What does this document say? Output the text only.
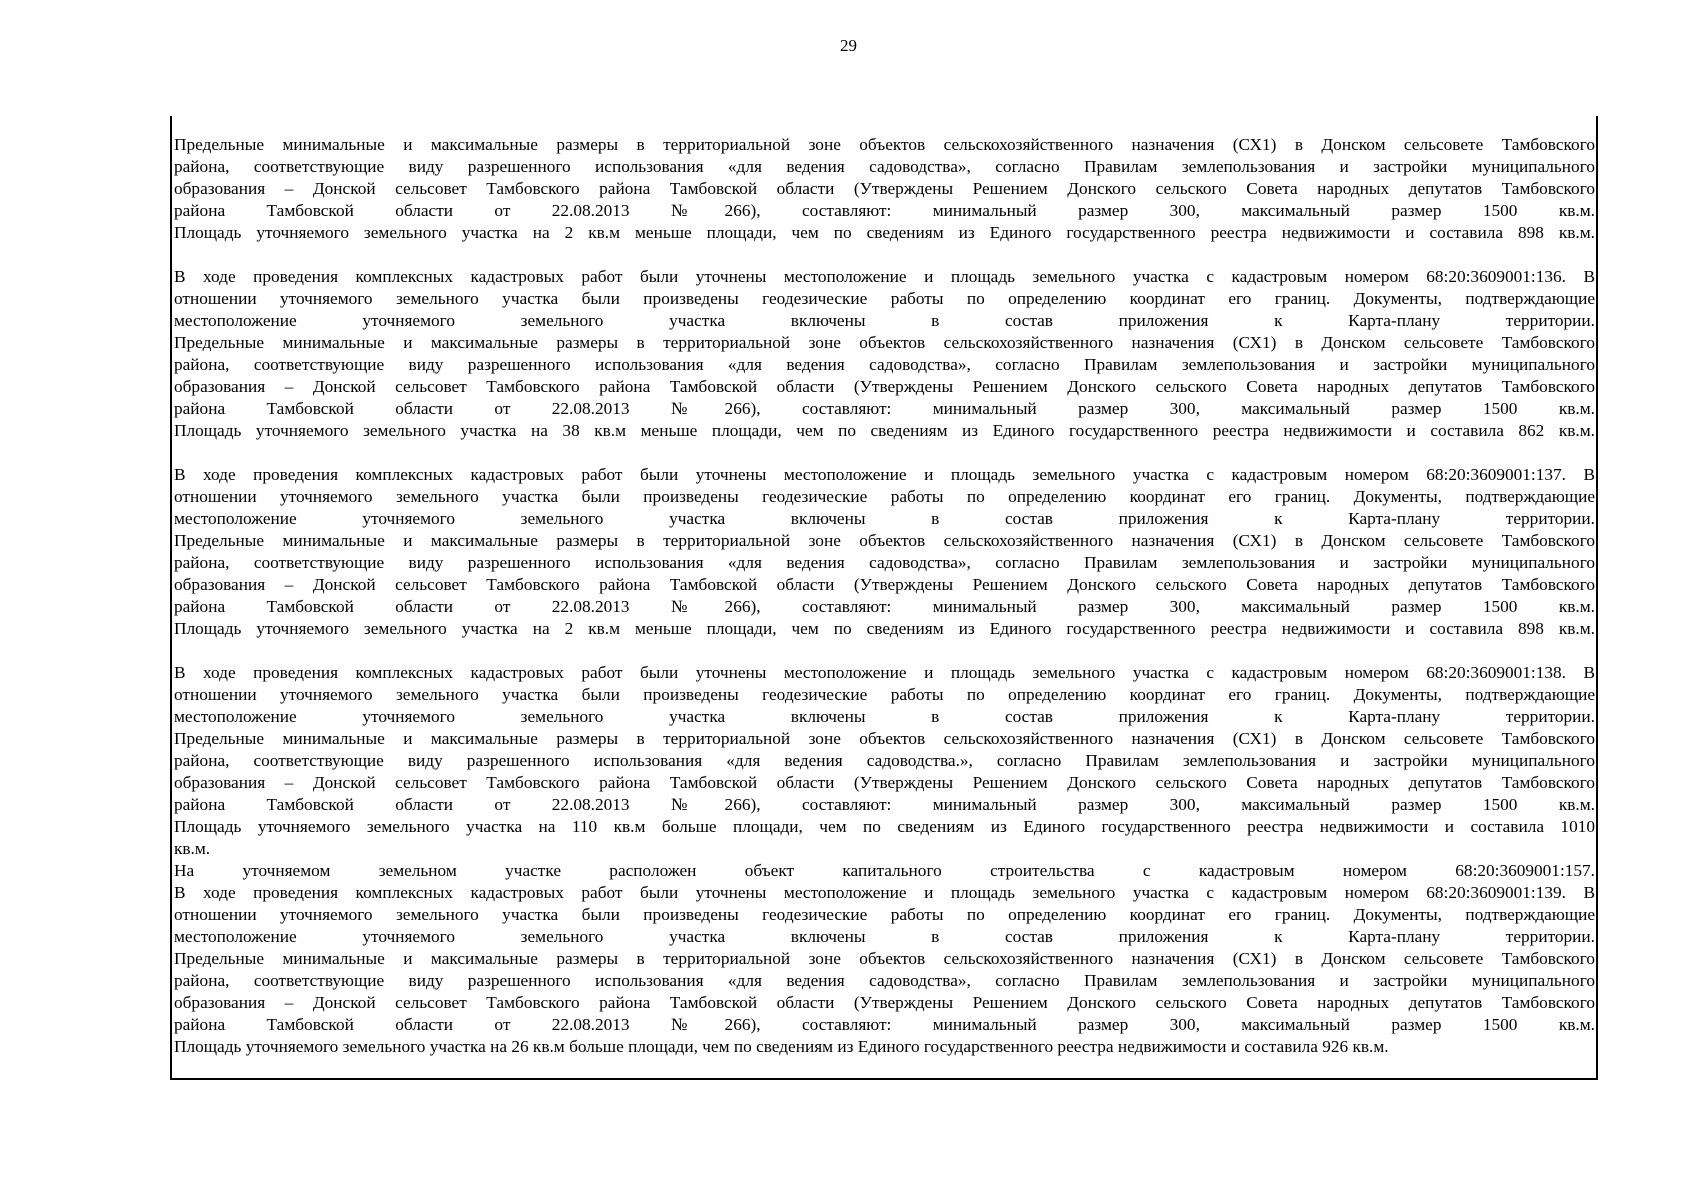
29
Предельные минимальные и максимальные размеры в территориальной зоне объектов сельскохозяйственного назначения (СХ1) в Донском сельсовете Тамбовского
района, соответствующие виду разрешенного использования «для ведения садоводства», согласно Правилам землепользования и застройки муниципального
образования – Донской сельсовет Тамбовского района Тамбовской области (Утверждены Решением Донского сельского Совета народных депутатов Тамбовского
района Тамбовской области от 22.08.2013 №266), составляют: минимальный размер 300, максимальный размер 1500 кв.м.
Площадь уточняемого земельного участка на 2 кв.м меньше площади, чем по сведениям из Единого государственного реестра недвижимости и составила 898 кв.м.
В ходе проведения комплексных кадастровых работ были уточнены местоположение и площадь земельного участка с кадастровым номером 68:20:3609001:136. В
отношении уточняемого земельного участка были произведены геодезические работы по определению координат его границ. Документы, подтверждающие
местоположение уточняемого земельного участка включены в состав приложения к Карта-плану территории.
Предельные минимальные и максимальные размеры в территориальной зоне объектов сельскохозяйственного назначения (СХ1) в Донском сельсовете Тамбовского
района, соответствующие виду разрешенного использования «для ведения садоводства», согласно Правилам землепользования и застройки муниципального
образования – Донской сельсовет Тамбовского района Тамбовской области (Утверждены Решением Донского сельского Совета народных депутатов Тамбовского
района Тамбовской области от 22.08.2013 №266), составляют: минимальный размер 300, максимальный размер 1500 кв.м.
Площадь уточняемого земельного участка на 38 кв.м меньше площади, чем по сведениям из Единого государственного реестра недвижимости и составила 862 кв.м.
В ходе проведения комплексных кадастровых работ были уточнены местоположение и площадь земельного участка с кадастровым номером 68:20:3609001:137. В
отношении уточняемого земельного участка были произведены геодезические работы по определению координат его границ. Документы, подтверждающие
местоположение уточняемого земельного участка включены в состав приложения к Карта-плану территории.
Предельные минимальные и максимальные размеры в территориальной зоне объектов сельскохозяйственного назначения (СХ1) в Донском сельсовете Тамбовского
района, соответствующие виду разрешенного использования «для ведения садоводства», согласно Правилам землепользования и застройки муниципального
образования – Донской сельсовет Тамбовского района Тамбовской области (Утверждены Решением Донского сельского Совета народных депутатов Тамбовского
района Тамбовской области от 22.08.2013 №266), составляют: минимальный размер 300, максимальный размер 1500 кв.м.
Площадь уточняемого земельного участка на 2 кв.м меньше площади, чем по сведениям из Единого государственного реестра недвижимости и составила 898 кв.м.
В ходе проведения комплексных кадастровых работ были уточнены местоположение и площадь земельного участка с кадастровым номером 68:20:3609001:138. В
отношении уточняемого земельного участка были произведены геодезические работы по определению координат его границ. Документы, подтверждающие
местоположение уточняемого земельного участка включены в состав приложения к Карта-плану территории.
Предельные минимальные и максимальные размеры в территориальной зоне объектов сельскохозяйственного назначения (СХ1) в Донском сельсовете Тамбовского
района, соответствующие виду разрешенного использования «для ведения садоводства.», согласно Правилам землепользования и застройки муниципального
образования – Донской сельсовет Тамбовского района Тамбовской области (Утверждены Решением Донского сельского Совета народных депутатов Тамбовского
района Тамбовской области от 22.08.2013 №266), составляют: минимальный размер 300, максимальный размер 1500 кв.м.
Площадь уточняемого земельного участка на 110 кв.м больше площади, чем по сведениям из Единого государственного реестра недвижимости и составила 1010
кв.м.
На уточняемом земельном участке расположен объект капитального строительства с кадастровым номером 68:20:3609001:157.
В ходе проведения комплексных кадастровых работ были уточнены местоположение и площадь земельного участка с кадастровым номером 68:20:3609001:139. В
отношении уточняемого земельного участка были произведены геодезические работы по определению координат его границ. Документы, подтверждающие
местоположение уточняемого земельного участка включены в состав приложения к Карта-плану территории.
Предельные минимальные и максимальные размеры в территориальной зоне объектов сельскохозяйственного назначения (СХ1) в Донском сельсовете Тамбовского
района, соответствующие виду разрешенного использования «для ведения садоводства», согласно Правилам землепользования и застройки муниципального
образования – Донской сельсовет Тамбовского района Тамбовской области (Утверждены Решением Донского сельского Совета народных депутатов Тамбовского
района Тамбовской области от 22.08.2013 №266), составляют: минимальный размер 300, максимальный размер 1500 кв.м.
Площадь уточняемого земельного участка на 26 кв.м больше площади, чем по сведениям из Единого государственного реестра недвижимости и составила 926 кв.м.
